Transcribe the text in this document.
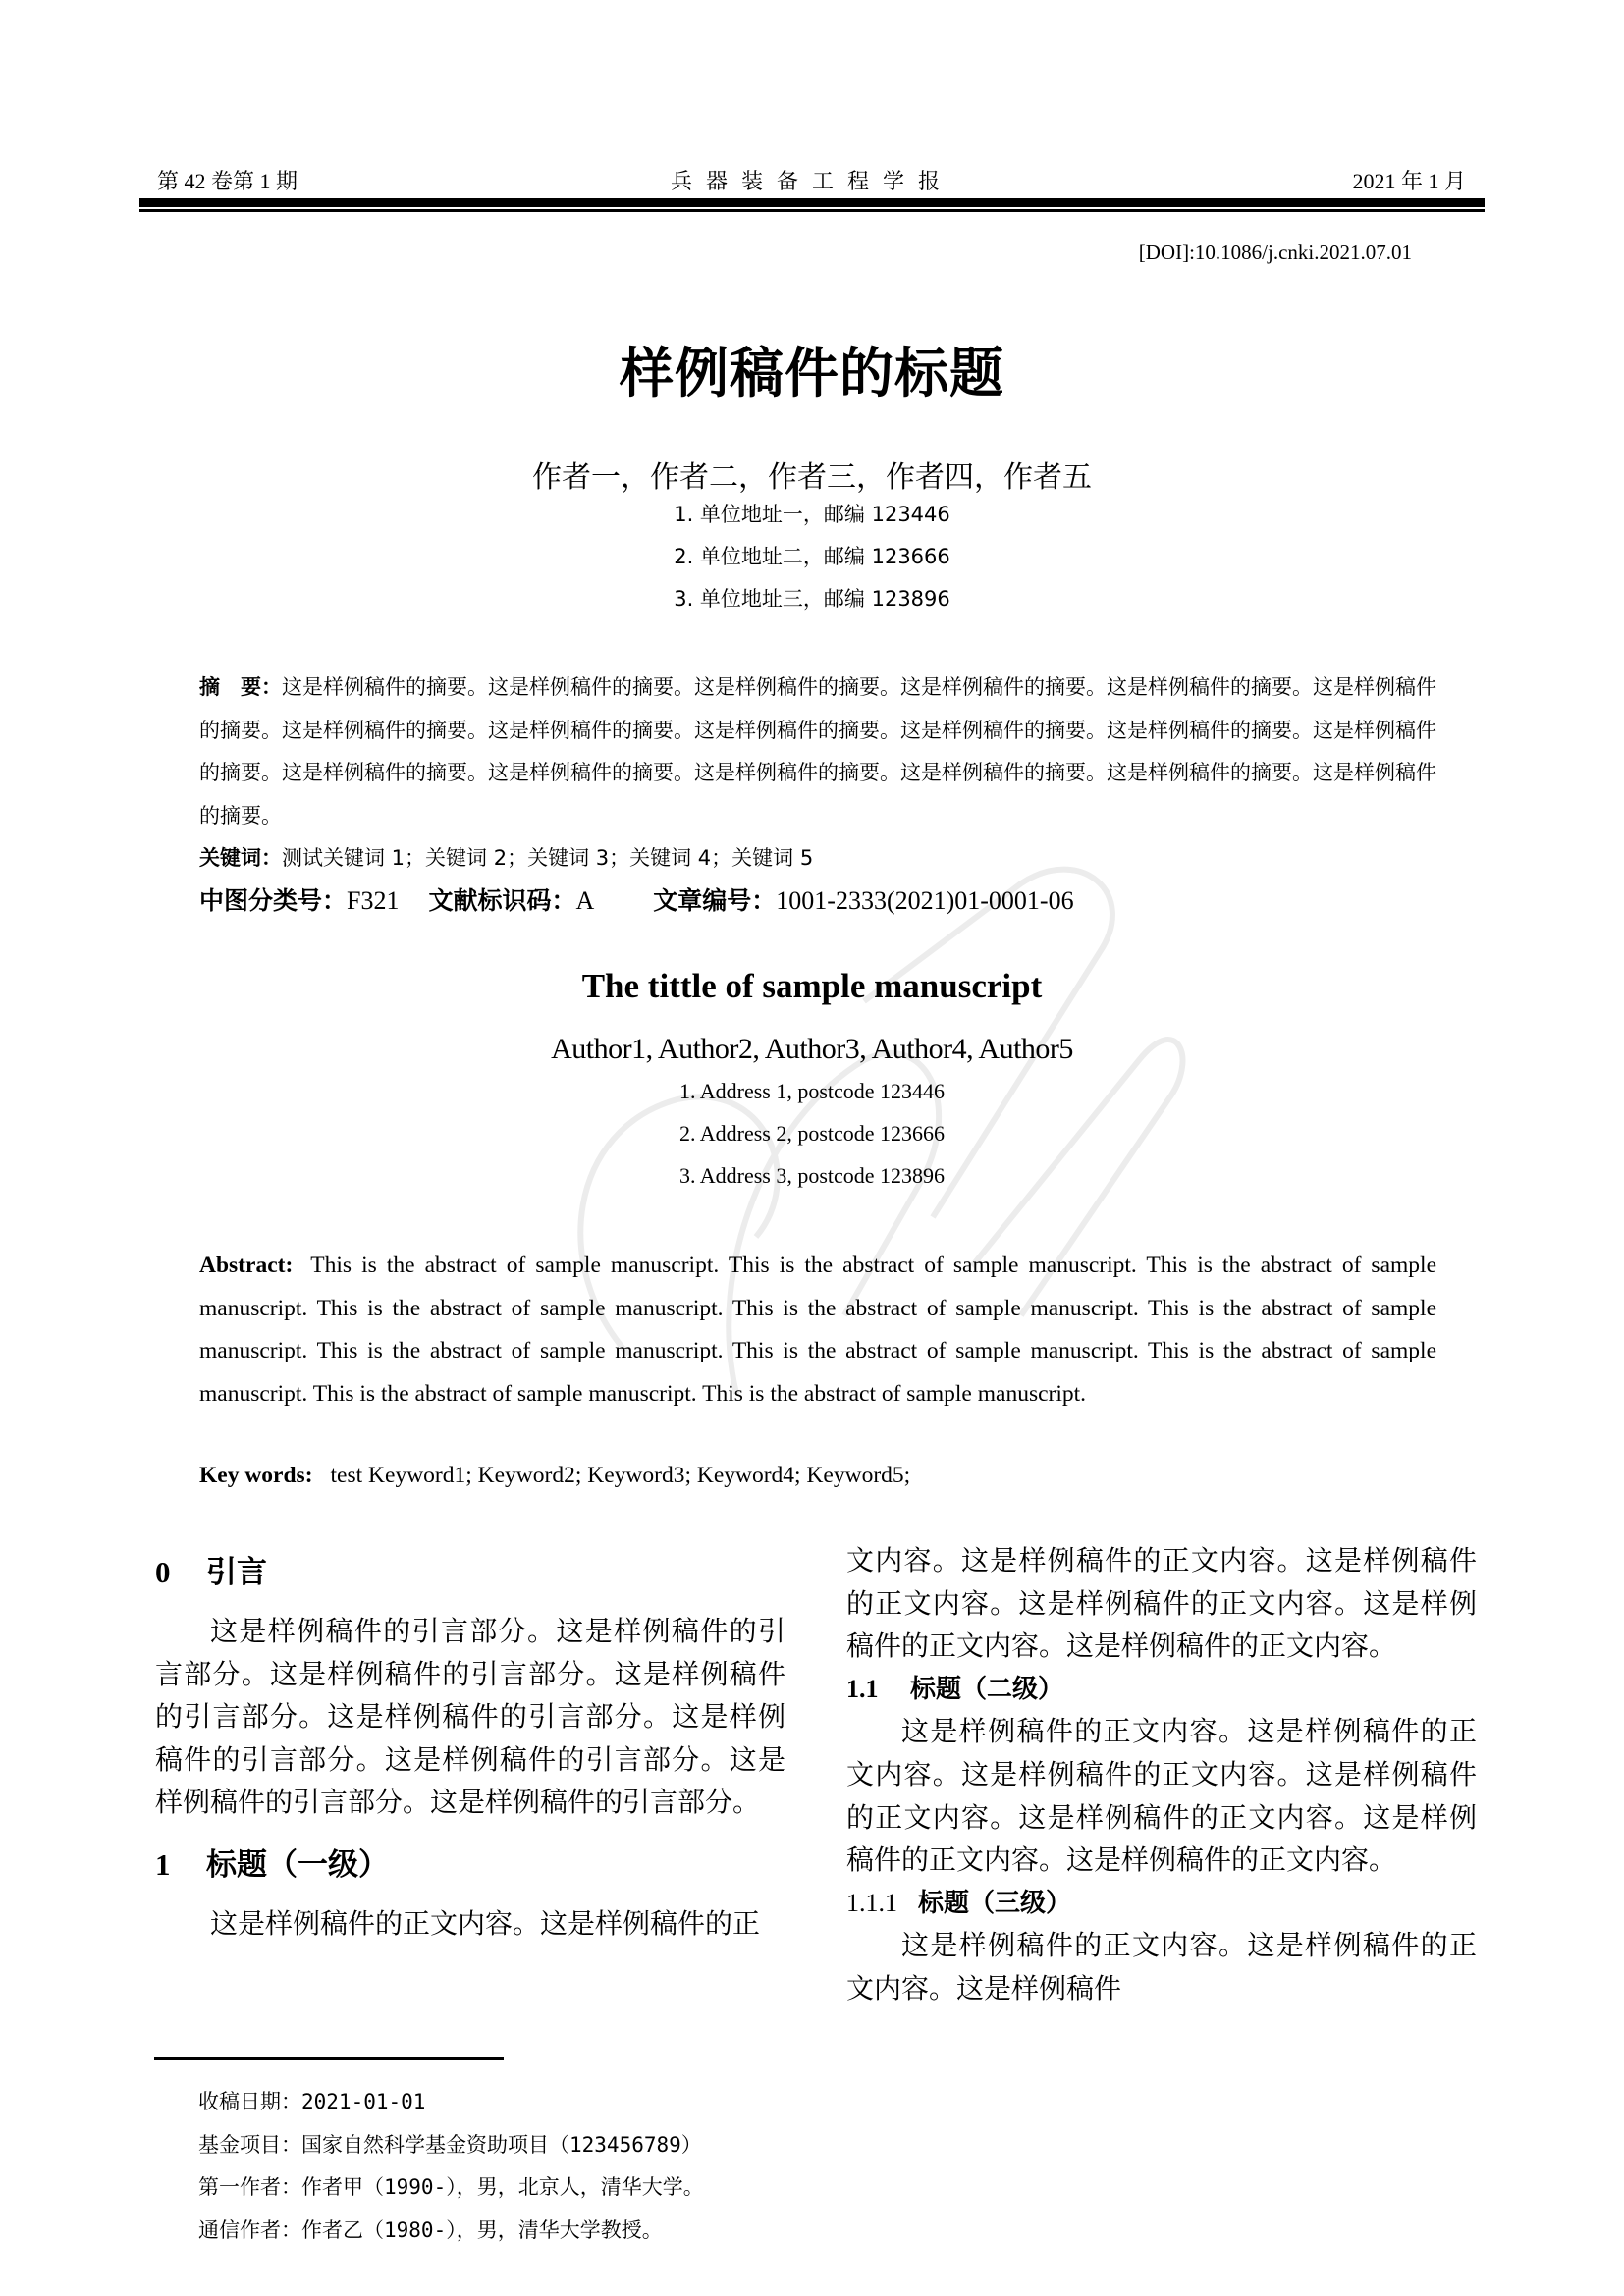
第 42 卷第 1 期	兵器装备工程学报	2021 年 1 月
[DOI]:10.1086/j.cnki.2021.07.01
样例稿件的标题
作者一，作者二，作者三，作者四，作者五
1. 单位地址一，邮编 123446
2. 单位地址二，邮编 123666
3. 单位地址三，邮编 123896
摘　要：这是样例稿件的摘要。这是样例稿件的摘要。这是样例稿件的摘要。这是样例稿件的摘要。这是样例稿件的摘要。这是样例稿件的摘要。这是样例稿件的摘要。这是样例稿件的摘要。这是样例稿件的摘要。这是样例稿件的摘要。这是样例稿件的摘要。这是样例稿件的摘要。这是样例稿件的摘要。这是样例稿件的摘要。这是样例稿件的摘要。这是样例稿件的摘要。这是样例稿件的摘要。这是样例稿件的摘要。
关键词：测试关键词 1；关键词 2；关键词 3；关键词 4；关键词 5
中图分类号：F321 文献标识码：A 文章编号：1001-2333(2021)01-0001-06
The tittle of sample manuscript
Author1, Author2, Author3, Author4, Author5
1. Address 1, postcode 123446
2. Address 2, postcode 123666
3. Address 3, postcode 123896
Abstract: This is the abstract of sample manuscript. This is the abstract of sample manuscript. This is the abstract of sample manuscript. This is the abstract of sample manuscript. This is the abstract of sample manuscript. This is the abstract of sample manuscript. This is the abstract of sample manuscript. This is the abstract of sample manuscript. This is the abstract of sample manuscript. This is the abstract of sample manuscript. This is the abstract of sample manuscript.
Key words: test Keyword1; Keyword2; Keyword3; Keyword4; Keyword5;
0 引言

这是样例稿件的引言部分。这是样例稿件的引言部分。这是样例稿件的引言部分。这是样例稿件的引言部分。这是样例稿件的引言部分。这是样例稿件的引言部分。这是样例稿件的引言部分。这是样例稿件的引言部分。这是样例稿件的引言部分。

1 标题（一级）

这是样例稿件的正文内容。这是样例稿件的正

文内容。这是样例稿件的正文内容。这是样例稿件的正文内容。这是样例稿件的正文内容。这是样例稿件的正文内容。这是样例稿件的正文内容。

1.1 标题（二级）

这是样例稿件的正文内容。这是样例稿件的正文内容。这是样例稿件的正文内容。这是样例稿件的正文内容。这是样例稿件的正文内容。这是样例稿件的正文内容。这是样例稿件的正文内容。

1.1.1 标题（三级）

这是样例稿件的正文内容。这是样例稿件的正文内容。这是样例稿件

收稿日期：2021-01-01
基金项目：国家自然科学基金资助项目（123456789）
第一作者：作者甲（1990-），男，北京人，清华大学。
通信作者：作者乙（1980-），男，清华大学教授。
